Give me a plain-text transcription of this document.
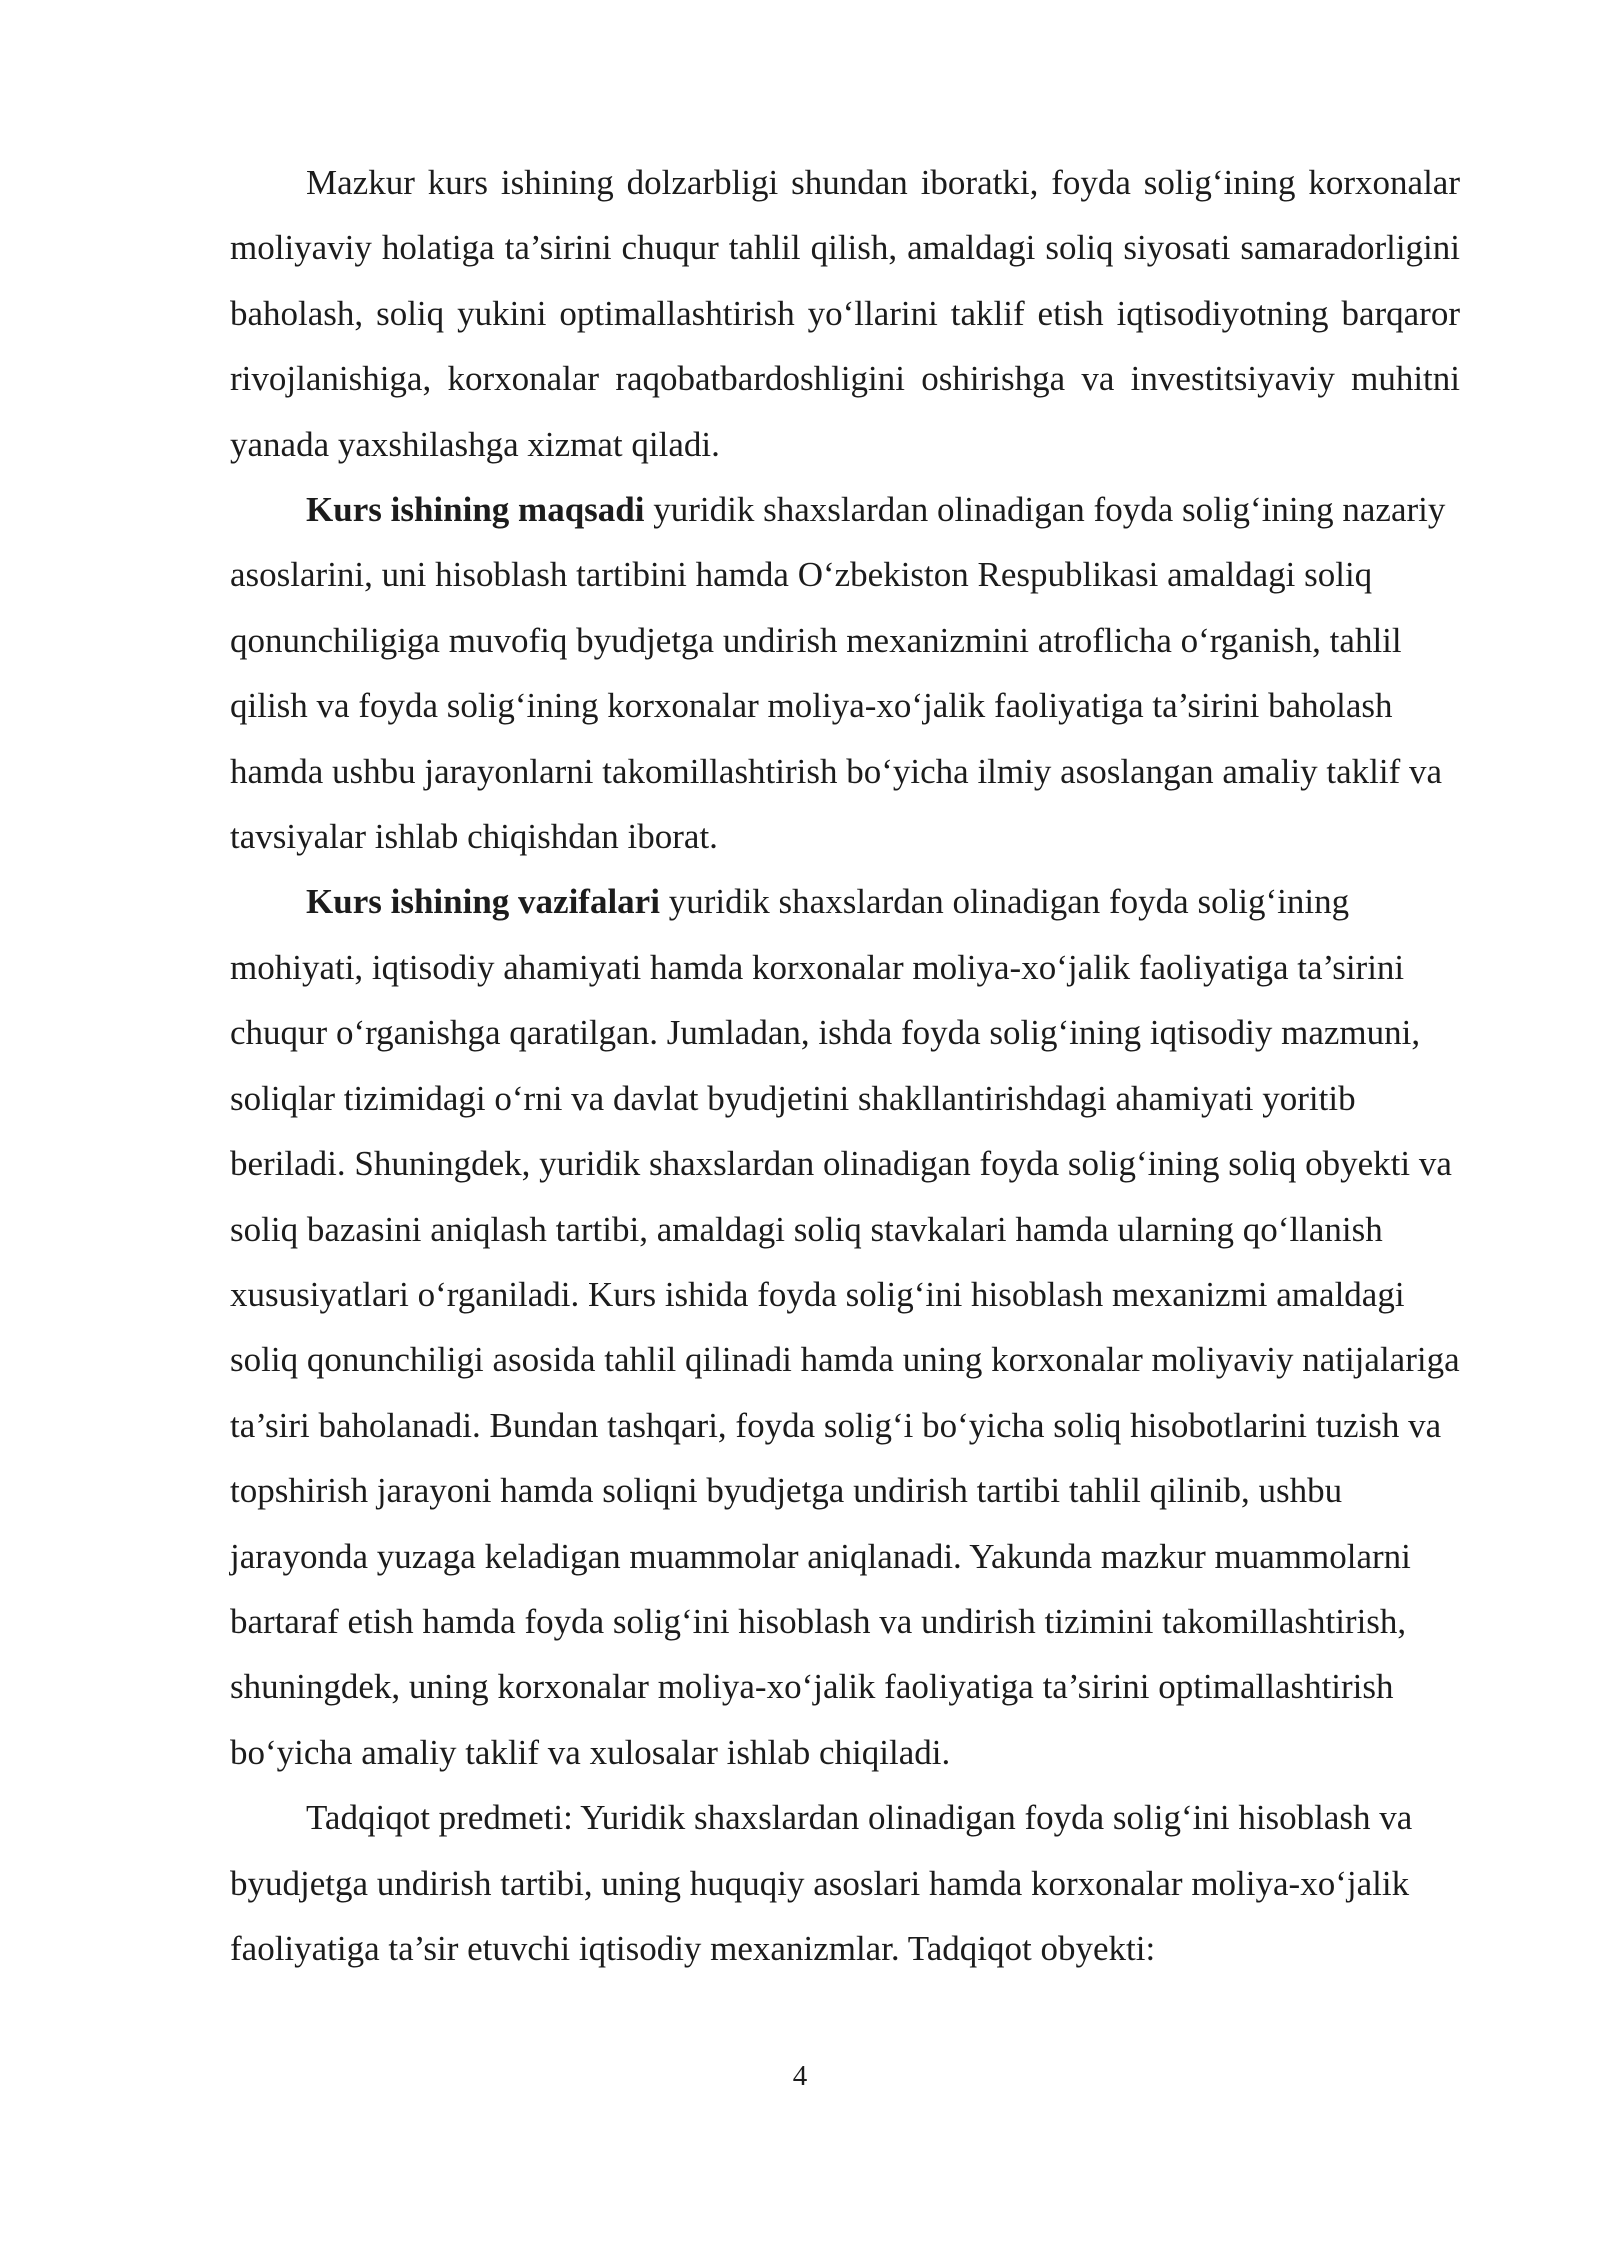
Mazkur kurs ishining dolzarbligi shundan iboratki, foyda solig‘ining korxonalar moliyaviy holatiga ta’sirini chuqur tahlil qilish, amaldagi soliq siyosati samaradorligini baholash, soliq yukini optimallashtirish yo‘llarini taklif etish iqtisodiyotning barqaror rivojlanishiga, korxonalar raqobatbardoshligini oshirishga va investitsiyaviy muhitni yanada yaxshilashga xizmat qiladi.

Kurs ishining maqsadi yuridik shaxslardan olinadigan foyda solig‘ining nazariy asoslarini, uni hisoblash tartibini hamda O‘zbekiston Respublikasi amaldagi soliq qonunchiligiga muvofiq byudjetga undirish mexanizmini atroflicha o‘rganish, tahlil qilish va foyda solig‘ining korxonalar moliya-xo‘jalik faoliyatiga ta’sirini baholash hamda ushbu jarayonlarni takomillashtirish bo‘yicha ilmiy asoslangan amaliy taklif va tavsiyalar ishlab chiqishdan iborat.

Kurs ishining vazifalari yuridik shaxslardan olinadigan foyda solig‘ining mohiyati, iqtisodiy ahamiyati hamda korxonalar moliya-xo‘jalik faoliyatiga ta’sirini chuqur o‘rganishga qaratilgan. Jumladan, ishda foyda solig‘ining iqtisodiy mazmuni, soliqlar tizimidagi o‘rni va davlat byudjetini shakllantirishdagi ahamiyati yoritib beriladi. Shuningdek, yuridik shaxslardan olinadigan foyda solig‘ining soliq obyekti va soliq bazasini aniqlash tartibi, amaldagi soliq stavkalari hamda ularning qo‘llanish xususiyatlari o‘rganiladi. Kurs ishida foyda solig‘ini hisoblash mexanizmi amaldagi soliq qonunchiligi asosida tahlil qilinadi hamda uning korxonalar moliyaviy natijalariga ta’siri baholanadi. Bundan tashqari, foyda solig‘i bo‘yicha soliq hisobotlarini tuzish va topshirish jarayoni hamda soliqni byudjetga undirish tartibi tahlil qilinib, ushbu jarayonda yuzaga keladigan muammolar aniqlanadi. Yakunda mazkur muammolarni bartaraf etish hamda foyda solig‘ini hisoblash va undirish tizimini takomillashtirish, shuningdek, uning korxonalar moliya-xo‘jalik faoliyatiga ta’sirini optimallashtirish bo‘yicha amaliy taklif va xulosalar ishlab chiqiladi.

Tadqiqot predmeti: Yuridik shaxslardan olinadigan foyda solig‘ini hisoblash va byudjetga undirish tartibi, uning huquqiy asoslari hamda korxonalar moliya-xo‘jalik faoliyatiga ta’sir etuvchi iqtisodiy mexanizmlar. Tadqiqot obyekti:

4
